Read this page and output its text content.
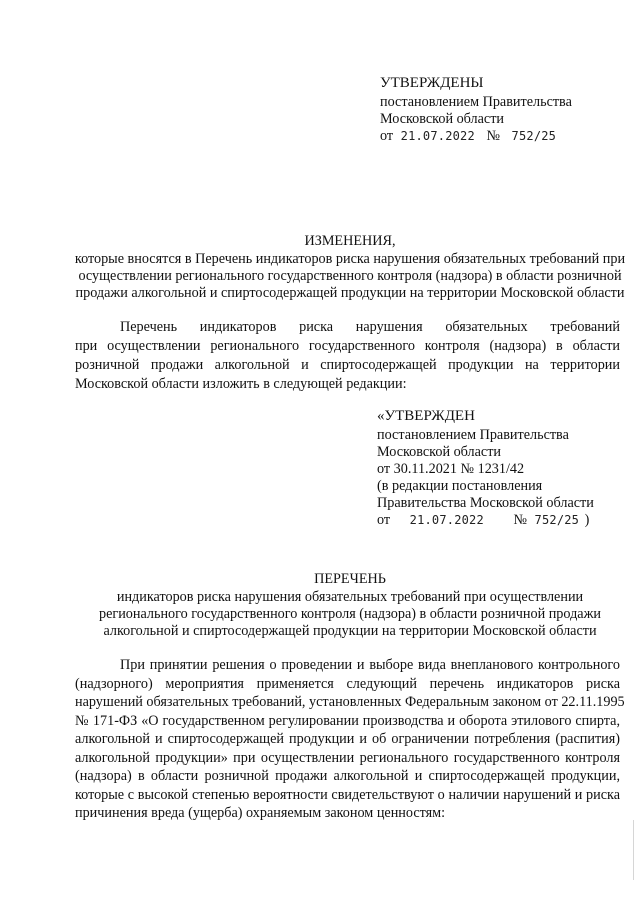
УТВЕРЖДЕНЫ
постановлением Правительства
Московской области
от 21.07.2022 № 752/25
ИЗМЕНЕНИЯ,
которые вносятся в Перечень индикаторов риска нарушения обязательных требований при
осуществлении регионального государственного контроля (надзора) в области розничной
продажи алкогольной и спиртосодержащей продукции на территории Московской области
Перечень индикаторов риска нарушения обязательных требований
при осуществлении регионального государственного контроля (надзора) в области
розничной продажи алкогольной и спиртосодержащей продукции на территории
Московской области изложить в следующей редакции:
«УТВЕРЖДЕН
постановлением Правительства
Московской области
от 30.11.2021 № 1231/42
(в редакции постановления
Правительства Московской области
от 21.07.2022 № 752/25 )
ПЕРЕЧЕНЬ
индикаторов риска нарушения обязательных требований при осуществлении
регионального государственного контроля (надзора) в области розничной продажи
алкогольной и спиртосодержащей продукции на территории Московской области
При принятии решения о проведении и выборе вида внепланового контрольного
(надзорного) мероприятия применяется следующий перечень индикаторов риска
нарушений обязательных требований, установленных Федеральным законом от 22.11.1995
№ 171-ФЗ «О государственном регулировании производства и оборота этилового спирта,
алкогольной и спиртосодержащей продукции и об ограничении потребления (распития)
алкогольной продукции» при осуществлении регионального государственного контроля
(надзора) в области розничной продажи алкогольной и спиртосодержащей продукции,
которые с высокой степенью вероятности свидетельствуют о наличии нарушений и риска
причинения вреда (ущерба) охраняемым законом ценностям:
